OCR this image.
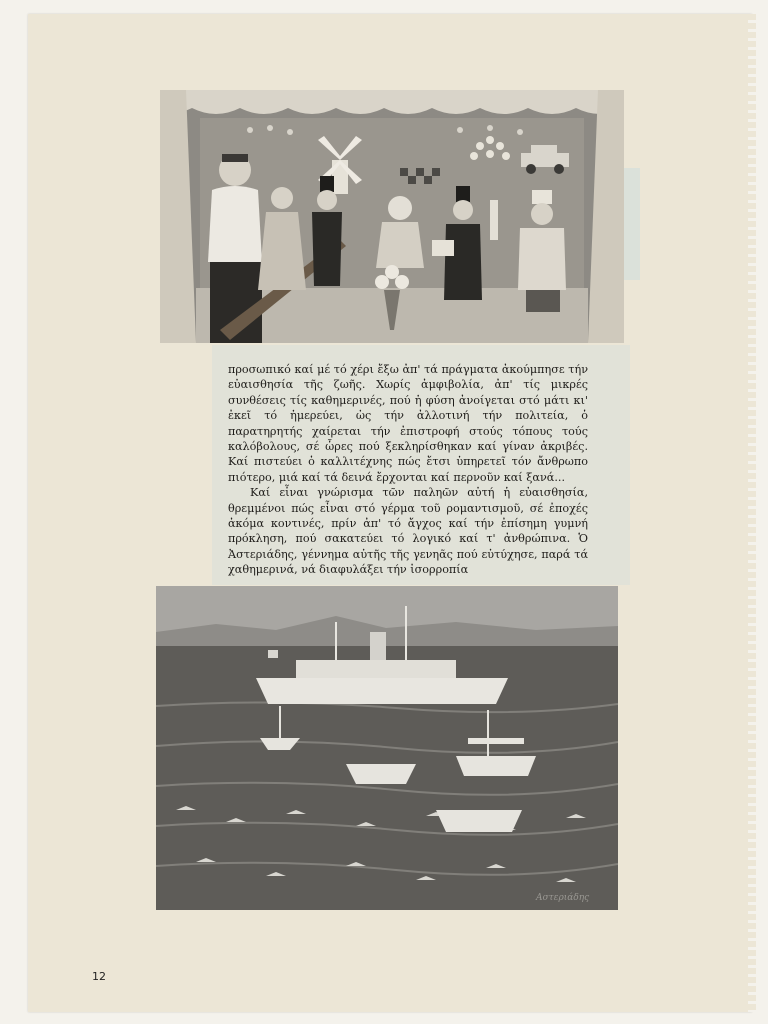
προσωπικό καί μέ τό χέρι ἔξω ἀπ' τά πράγματα ἀκούμπησε τήν εὐαισθησία τῆς ζωῆς. Χωρίς ἀμφιβολία, ἀπ' τίς μικρές συνθέσεις τίς καθημερινές, πού ἡ φύση ἀνοίγεται στό μάτι κι' ἐκεῖ τό ἡμερεύει, ὡς τήν ἀλλοτινή τήν πολιτεία, ὁ παρατηρητής χαίρεται τήν ἐπιστροφή στούς τόπους τούς καλόβολους, σέ ὧρες πού ξεκληρίσθηκαν καί γίναν ἀκριβές. Καί πιστεύει ὁ καλλιτέχνης πώς ἔτσι ὑπηρετεῖ τόν ἄνθρωπο πιότερο, μιά καί τά δεινά ἔρχονται καί περνοῦν καί ξανά...

Καί εἶναι γνώρισμα τῶν παληῶν αὐτή ἡ εὐαισθησία, θρεμμένοι πώς εἶναι στό γέρμα τοῦ ρομαντισμοῦ, σέ ἐποχές ἀκόμα κοντινές, πρίν ἀπ' τό ἄγχος καί τήν ἐπίσημη γυμνή πρόκληση, πού σακατεύει τό λογικό καί τ' ἀνθρώπινα. Ὁ Ἀστεριάδης, γέννημα αὐτῆς τῆς γενηᾶς πού εὐτύχησε, παρά τά χαθημερινά, νά διαφυλάξει τήν ἰσορροπία

Αστεριάδης
12
